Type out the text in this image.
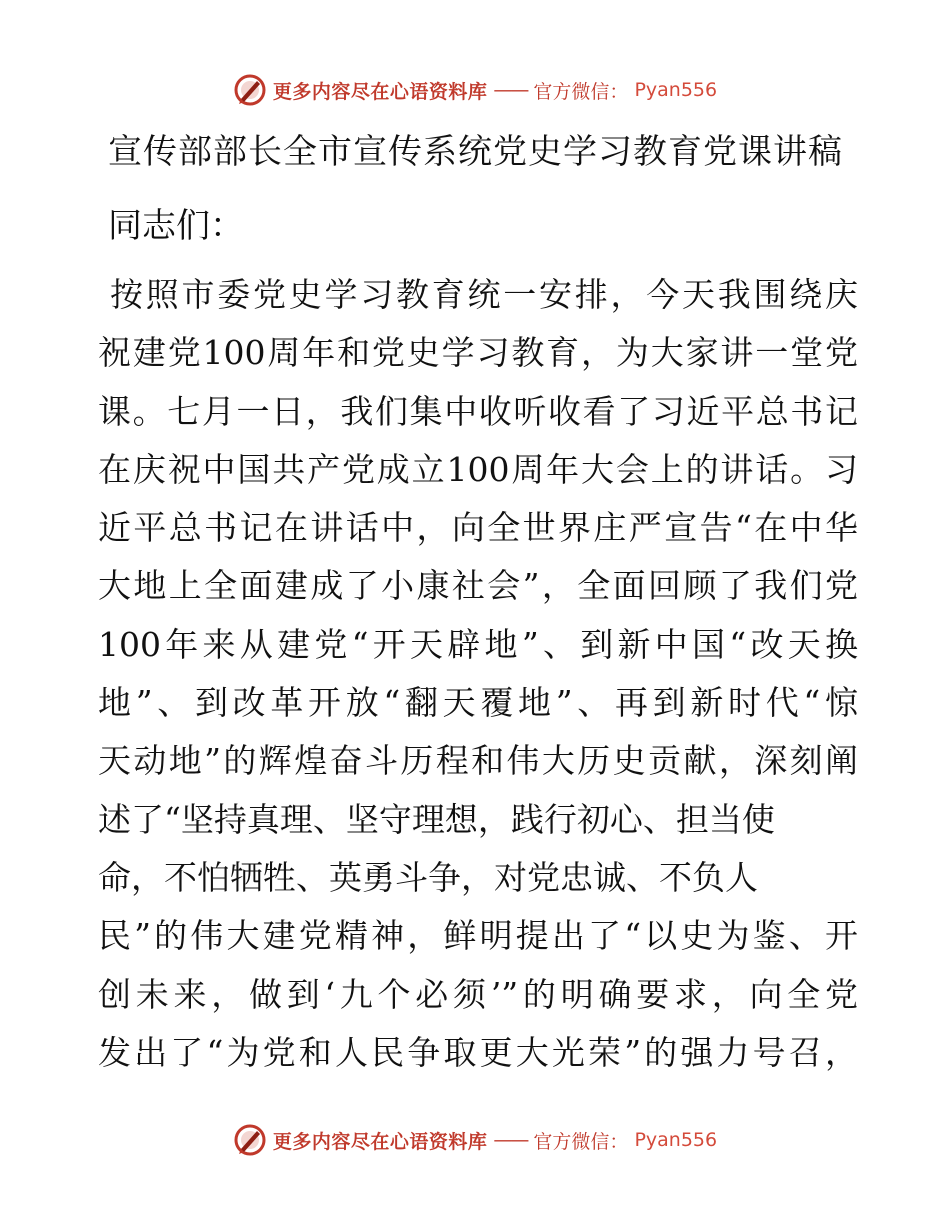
更多内容尽在心语资料库 —— 官方微信： Pyan556
宣传部部长全市宣传系统党史学习教育党课讲稿

同志们：

按照市委党史学习教育统一安排，今天我围绕庆
祝建党100周年和党史学习教育，为大家讲一堂党
课。七月一日，我们集中收听收看了习近平总书记
在庆祝中国共产党成立100周年大会上的讲话。习
近平总书记在讲话中，向全世界庄严宣告“在中华
大地上全面建成了小康社会”，全面回顾了我们党
100年来从建党“开天辟地”、到新中国“改天换
地”、到改革开放“翻天覆地”、再到新时代“惊
天动地”的辉煌奋斗历程和伟大历史贡献，深刻阐
述了“坚持真理、坚守理想，践行初心、担当使
命，不怕牺牲、英勇斗争，对党忠诚、不负人
民”的伟大建党精神，鲜明提出了“以史为鉴、开
创未来，做到‘九个必须’”的明确要求，向全党
发出了“为党和人民争取更大光荣”的强力号召，
更多内容尽在心语资料库 —— 官方微信： Pyan556
